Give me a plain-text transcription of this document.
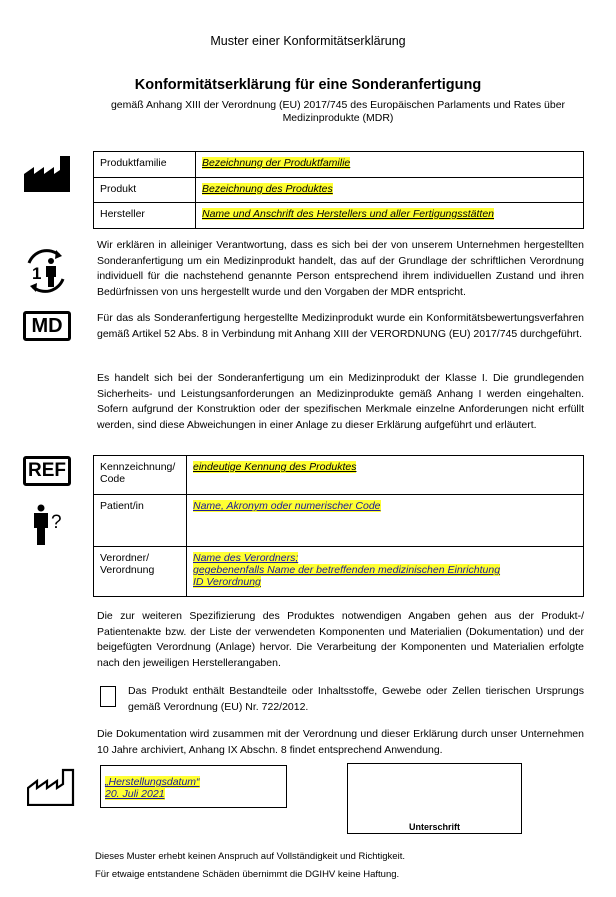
Muster einer Konformitätserklärung
Konformitätserklärung für eine Sonderanfertigung
gemäß Anhang XIII der Verordnung (EU) 2017/745 des Europäischen Parlaments und Rates über Medizinprodukte (MDR)
Produktfamilie	Bezeichnung der Produktfamilie
Produkt	Bezeichnung des Produktes
Hersteller	Name und Anschrift des Herstellers und aller Fertigungsstätten
1

Wir erklären in alleiniger Verantwortung, dass es sich bei der von unserem Unternehmen hergestellten Sonderanfertigung um ein Medizinprodukt handelt, das auf der Grundlage der schriftlichen Verordnung individuell für die nachstehend genannte Person entsprechend ihrem individuellen Zustand und ihren Bedürfnissen von uns hergestellt wurde und den Vorgaben der MDR entspricht.

MD	Für das als Sonderanfertigung hergestellte Medizinprodukt wurde ein Konformitätsbewertungsverfahren gemäß Artikel 52 Abs. 8 in Verbindung mit Anhang XIII der VERORDNUNG (EU) 2017/745 durchgeführt.

Es handelt sich bei der Sonderanfertigung um ein Medizinprodukt der Klasse I. Die grundlegenden Sicherheits- und Leistungsanforderungen an Medizinprodukte gemäß Anhang I werden eingehalten. Sofern aufgrund der Konstruktion oder der spezifischen Merkmale einzelne Anforderungen nicht erfüllt werden, sind diese Abweichungen in einer Anlage zu dieser Erklärung aufgeführt und erläutert.

REF
?
Kennzeichnung/ Code	eindeutige Kennung des Produktes
Patient/in	Name, Akronym oder numerischer Code
Verordner/ Verordnung	Name des Verordners;
gegebenenfalls Name der betreffenden medizinischen Einrichtung
ID Verordnung

Die zur weiteren Spezifizierung des Produktes notwendigen Angaben gehen aus der Produkt-/ Patientenakte bzw. der Liste der verwendeten Komponenten und Materialien (Dokumentation) und der beigefügten Verordnung (Anlage) hervor. Die Verarbeitung der Komponenten und Materialien erfolgte nach den jeweiligen Herstellerangaben.

Das Produkt enthält Bestandteile oder Inhaltsstoffe, Gewebe oder Zellen tierischen Ursprungs gemäß Verordnung (EU) Nr. 722/2012.

Die Dokumentation wird zusammen mit der Verordnung und dieser Erklärung durch unser Unternehmen 10 Jahre archiviert, Anhang IX Abschn. 8 findet entsprechend Anwendung.

„Herstellungsdatum“
20. Juli 2021
Unterschrift
Dieses Muster erhebt keinen Anspruch auf Vollständigkeit und Richtigkeit.
Für etwaige entstandene Schäden übernimmt die DGIHV keine Haftung.
